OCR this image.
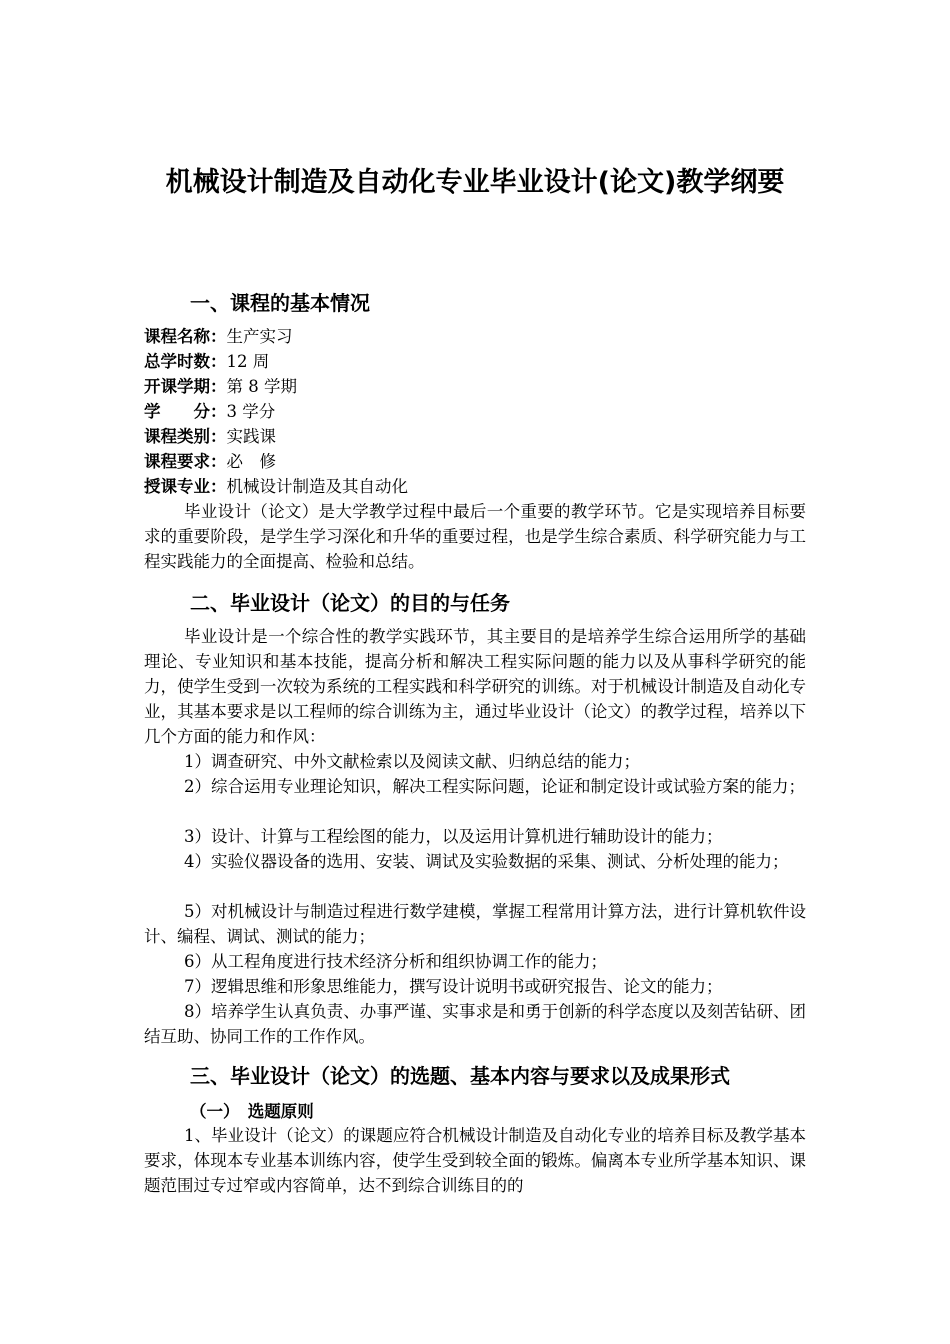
机械设计制造及自动化专业毕业设计(论文)教学纲要
一、课程的基本情况
课程名称：生产实习
总学时数：12 周
开课学期：第 8 学期
学　　分：3 学分
课程类别：实践课
课程要求：必　修
授课专业：机械设计制造及其自动化
毕业设计（论文）是大学教学过程中最后一个重要的教学环节。它是实现培养目标要求的重要阶段，是学生学习深化和升华的重要过程，也是学生综合素质、科学研究能力与工程实践能力的全面提高、检验和总结。
二、毕业设计（论文）的目的与任务
毕业设计是一个综合性的教学实践环节，其主要目的是培养学生综合运用所学的基础理论、专业知识和基本技能，提高分析和解决工程实际问题的能力以及从事科学研究的能力，使学生受到一次较为系统的工程实践和科学研究的训练。对于机械设计制造及自动化专业，其基本要求是以工程师的综合训练为主，通过毕业设计（论文）的教学过程，培养以下几个方面的能力和作风：
1）调查研究、中外文献检索以及阅读文献、归纳总结的能力；
2）综合运用专业理论知识，解决工程实际问题，论证和制定设计或试验方案的能力；
3）设计、计算与工程绘图的能力，以及运用计算机进行辅助设计的能力；
4）实验仪器设备的选用、安装、调试及实验数据的采集、测试、分析处理的能力；
5）对机械设计与制造过程进行数学建模，掌握工程常用计算方法，进行计算机软件设计、编程、调试、测试的能力；
6）从工程角度进行技术经济分析和组织协调工作的能力；
7）逻辑思维和形象思维能力，撰写设计说明书或研究报告、论文的能力；
8）培养学生认真负责、办事严谨、实事求是和勇于创新的科学态度以及刻苦钻研、团结互助、协同工作的工作作风。
三、毕业设计（论文）的选题、基本内容与要求以及成果形式
（一）　选题原则
1、毕业设计（论文）的课题应符合机械设计制造及自动化专业的培养目标及教学基本要求，体现本专业基本训练内容，使学生受到较全面的锻炼。偏离本专业所学基本知识、课题范围过专过窄或内容简单，达不到综合训练目的的
